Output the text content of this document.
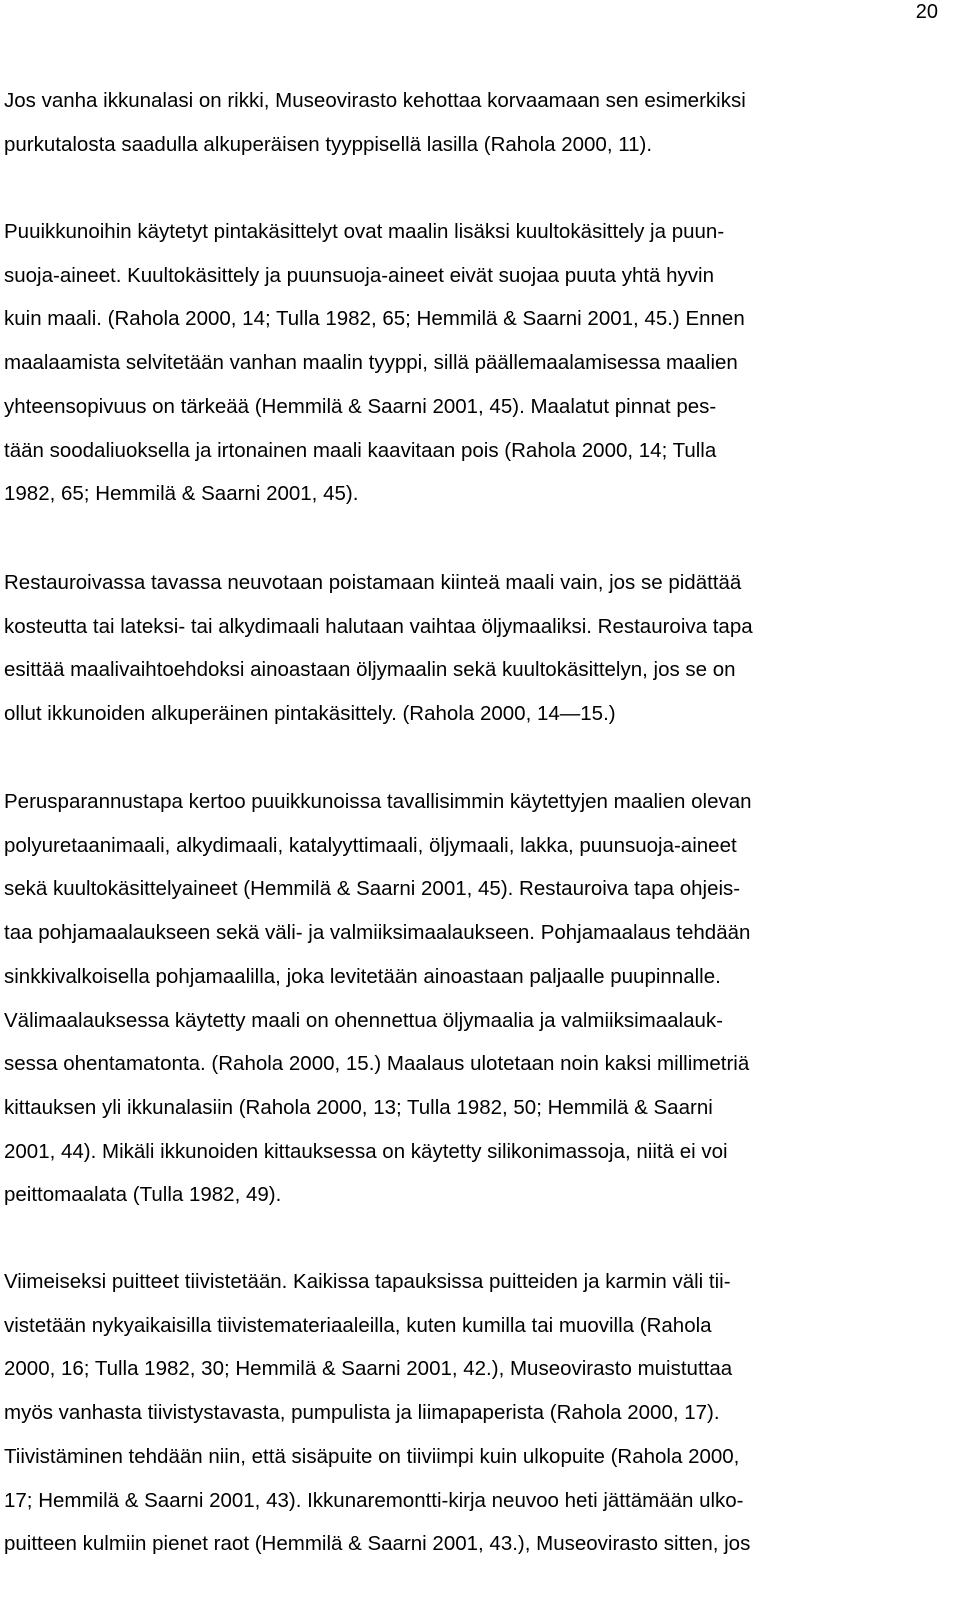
20

Jos vanha ikkunalasi on rikki, Museovirasto kehottaa korvaamaan sen esimerkiksi
purkutalosta saadulla alkuperäisen tyyppisellä lasilla (Rahola 2000, 11).

Puuikkunoihin käytetyt pintakäsittelyt ovat maalin lisäksi kuultokäsittely ja puun-
suoja-aineet. Kuultokäsittely ja puunsuoja-aineet eivät suojaa puuta yhtä hyvin
kuin maali. (Rahola 2000, 14; Tulla 1982, 65; Hemmilä & Saarni 2001, 45.) Ennen
maalaamista selvitetään vanhan maalin tyyppi, sillä päällemaalamisessa maalien
yhteensopivuus on tärkeää (Hemmilä & Saarni 2001, 45). Maalatut pinnat pes-
tään soodaliuoksella ja irtonainen maali kaavitaan pois (Rahola 2000, 14; Tulla
1982, 65; Hemmilä & Saarni 2001, 45).

Restauroivassa tavassa neuvotaan poistamaan kiinteä maali vain, jos se pidättää
kosteutta tai lateksi- tai alkydimaali halutaan vaihtaa öljymaaliksi. Restauroiva tapa
esittää maalivaihtoehdoksi ainoastaan öljymaalin sekä kuultokäsittelyn, jos se on
ollut ikkunoiden alkuperäinen pintakäsittely. (Rahola 2000, 14—15.)

Perusparannustapa kertoo puuikkunoissa tavallisimmin käytettyjen maalien olevan
polyuretaanimaali, alkydimaali, katalyyttimaali, öljymaali, lakka, puunsuoja-aineet
sekä kuultokäsittelyaineet (Hemmilä & Saarni 2001, 45). Restauroiva tapa ohjeis-
taa pohjamaalaukseen sekä väli- ja valmiiksimaalaukseen. Pohjamaalaus tehdään
sinkkivalkoisella pohjamaalilla, joka levitetään ainoastaan paljaalle puupinnalle.
Välimaalauksessa käytetty maali on ohennettua öljymaalia ja valmiiksimaalauk-
sessa ohentamatonta. (Rahola 2000, 15.) Maalaus ulotetaan noin kaksi millimetriä
kittauksen yli ikkunalasiin (Rahola 2000, 13; Tulla 1982, 50; Hemmilä & Saarni
2001, 44). Mikäli ikkunoiden kittauksessa on käytetty silikonimassoja, niitä ei voi
peittomaalata (Tulla 1982, 49).

Viimeiseksi puitteet tiivistetään. Kaikissa tapauksissa puitteiden ja karmin väli tii-
vistetään nykyaikaisilla tiivistemateriaaleilla, kuten kumilla tai muovilla (Rahola
2000, 16; Tulla 1982, 30; Hemmilä & Saarni 2001, 42.), Museovirasto muistuttaa
myös vanhasta tiivistystavasta, pumpulista ja liimapaperista (Rahola 2000, 17).
Tiivistäminen tehdään niin, että sisäpuite on tiiviimpi kuin ulkopuite (Rahola 2000,
17; Hemmilä & Saarni 2001, 43). Ikkunaremontti-kirja neuvoo heti jättämään ulko-
puitteen kulmiin pienet raot (Hemmilä & Saarni 2001, 43.), Museovirasto sitten, jos
